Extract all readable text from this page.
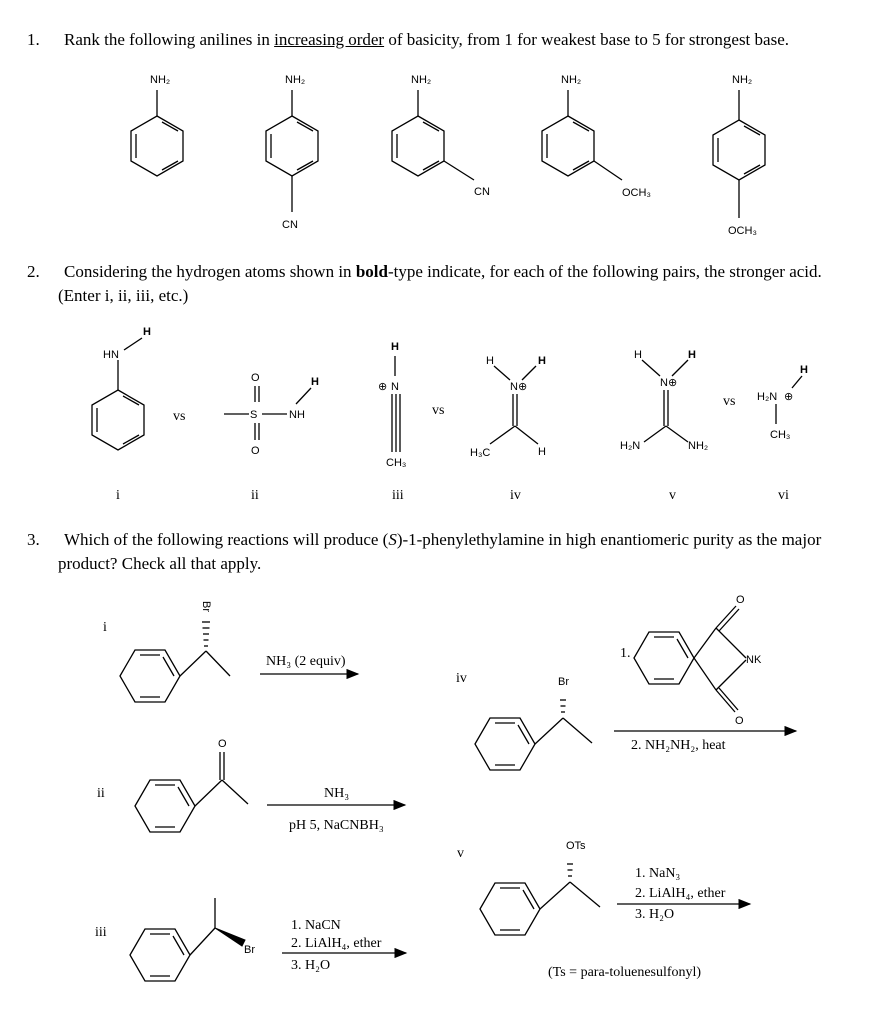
1. Rank the following anilines in increasing order of basicity, from 1 for weakest base to 5 for strongest base.
2. Considering the hydrogen atoms shown in bold-type indicate, for each of the following pairs, the stronger acid.
(Enter i, ii, iii, etc.)
3. Which of the following reactions will produce (S)-1-phenylethylamine in high enantiomeric purity as the major
product? Check all that apply.
i	ii	iii	iv	v	vi
vs	vs
vs
i
ii
iii
iv
v
NH₃ (2 equiv)
NH₃
pH 5, NaCNBH₃
1. NaCN
2. LiAlH₄, ether
3. H₂O
1.
2. NH₂NH₂, heat
1. NaN₃
2. LiAlH₄, ether
3. H₂O
(Ts = para-toluenesulfonyl)
NH₂	NH₂
CN
NH₂
CN
NH₂
OCH₃
NH₂
OCH₃
HN
H
S	NH
O
O
H
H
⊕ N
CH₃
H	H
N⊕
H₃C	H
H	H
N⊕
H₂N	NH₂
H₂N ⊕
H
CH₃
Br
O
Br
Br
O
O
NK
OTs
